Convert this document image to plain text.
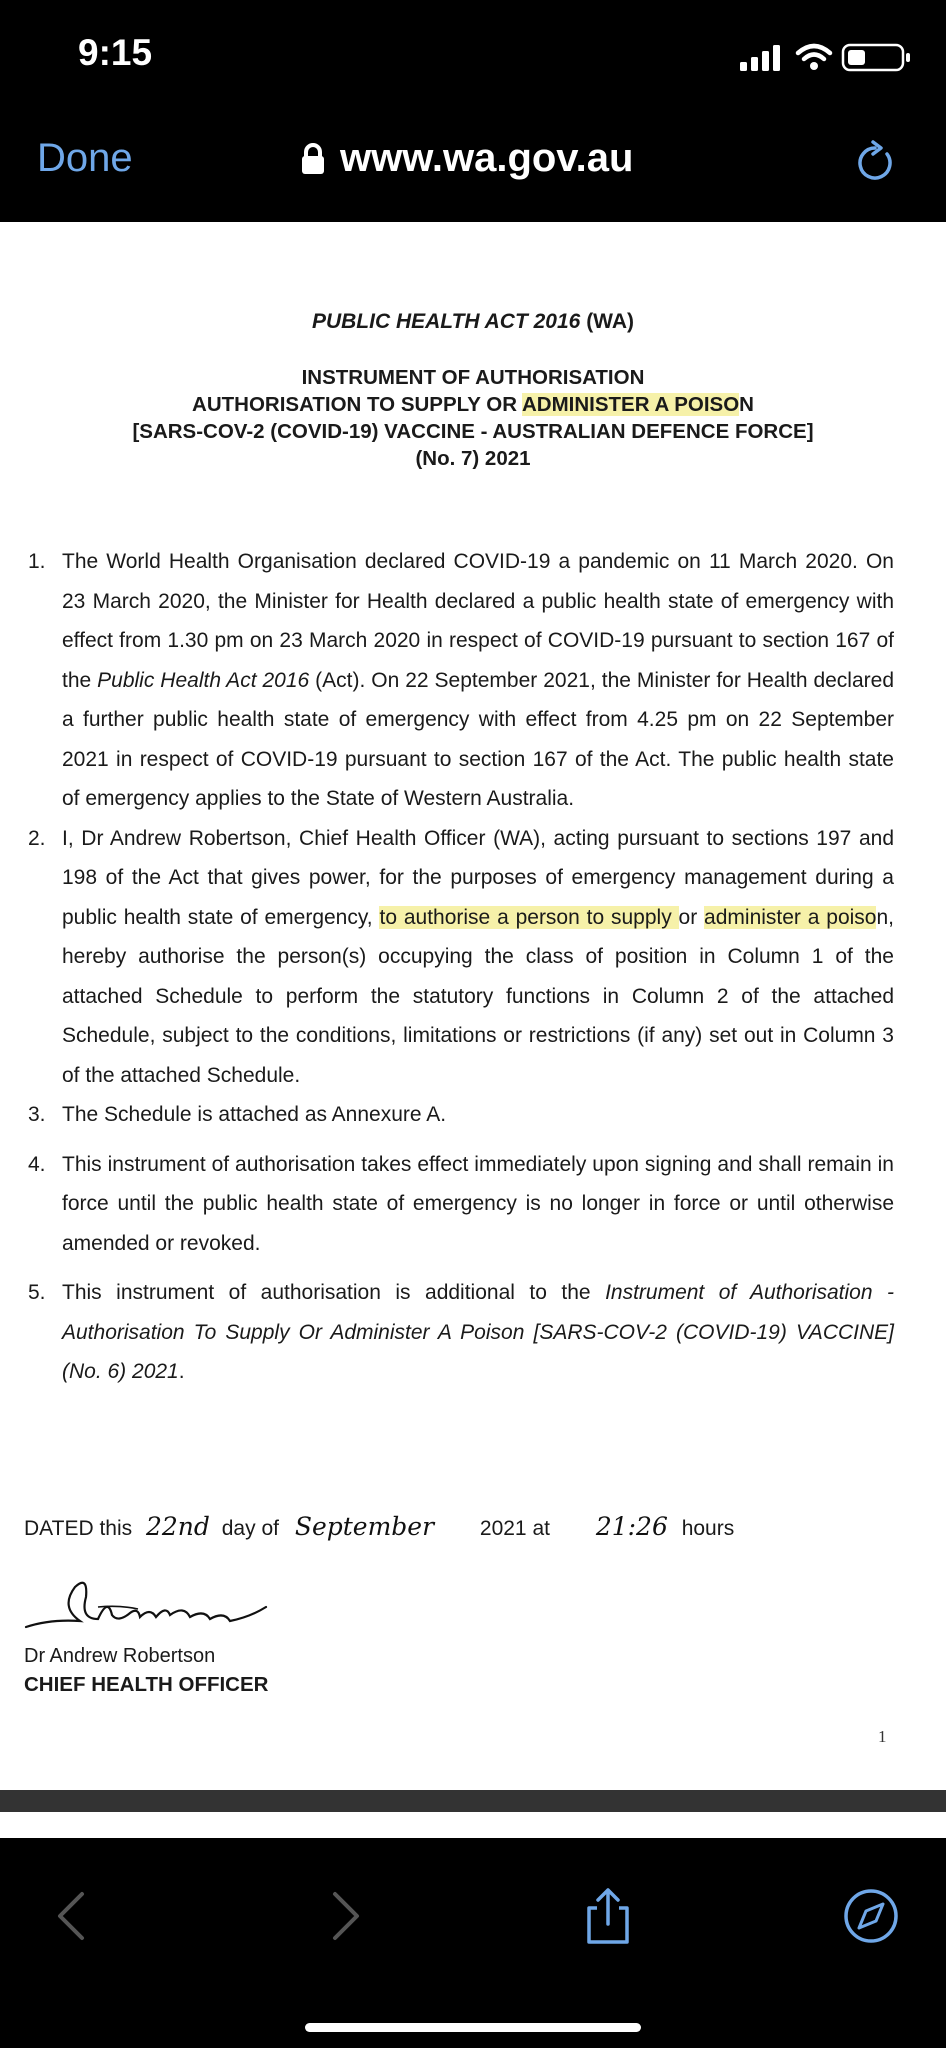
9:15
Done	www.wa.gov.au
PUBLIC HEALTH ACT 2016 (WA)
INSTRUMENT OF AUTHORISATION
AUTHORISATION TO SUPPLY OR ADMINISTER A POISON
[SARS-COV-2 (COVID-19) VACCINE - AUSTRALIAN DEFENCE FORCE]
(No. 7) 2021
1. The World Health Organisation declared COVID-19 a pandemic on 11 March 2020. On 23 March 2020, the Minister for Health declared a public health state of emergency with effect from 1.30 pm on 23 March 2020 in respect of COVID-19 pursuant to section 167 of the Public Health Act 2016 (Act). On 22 September 2021, the Minister for Health declared a further public health state of emergency with effect from 4.25 pm on 22 September 2021 in respect of COVID-19 pursuant to section 167 of the Act. The public health state of emergency applies to the State of Western Australia.
2. I, Dr Andrew Robertson, Chief Health Officer (WA), acting pursuant to sections 197 and 198 of the Act that gives power, for the purposes of emergency management during a public health state of emergency, to authorise a person to supply or administer a poison, hereby authorise the person(s) occupying the class of position in Column 1 of the attached Schedule to perform the statutory functions in Column 2 of the attached Schedule, subject to the conditions, limitations or restrictions (if any) set out in Column 3 of the attached Schedule.
3. The Schedule is attached as Annexure A.
4. This instrument of authorisation takes effect immediately upon signing and shall remain in force until the public health state of emergency is no longer in force or until otherwise amended or revoked.
5. This instrument of authorisation is additional to the Instrument of Authorisation - Authorisation To Supply Or Administer A Poison [SARS-COV-2 (COVID-19) VACCINE] (No. 6) 2021.
DATED this 22nd day of September 2021 at 21:26 hours
Dr Andrew Robertson
CHIEF HEALTH OFFICER
1
